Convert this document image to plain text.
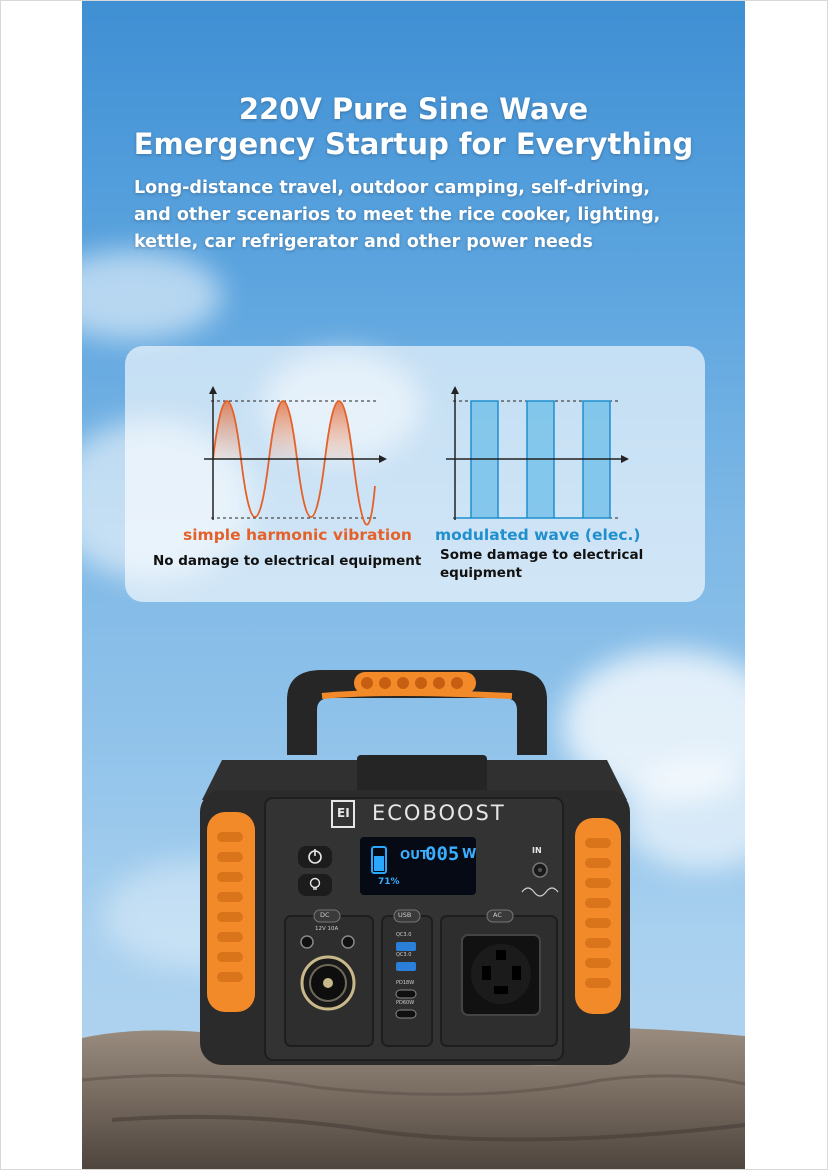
220V Pure Sine Wave
Emergency Startup for Everything

Long-distance travel, outdoor camping, self-driving,
and other scenarios to meet the rice cooker, lighting,
kettle, car refrigerator and other power needs

simple harmonic vibration
No damage to electrical equipment
modulated wave (elec.)
Some damage to electrical
equipment
EI ECOBOOST
OUT
005 W
71%
IN
DC
12V 10A
USB	AC
QC3.0
QC3.0
PD18W
PD60W
